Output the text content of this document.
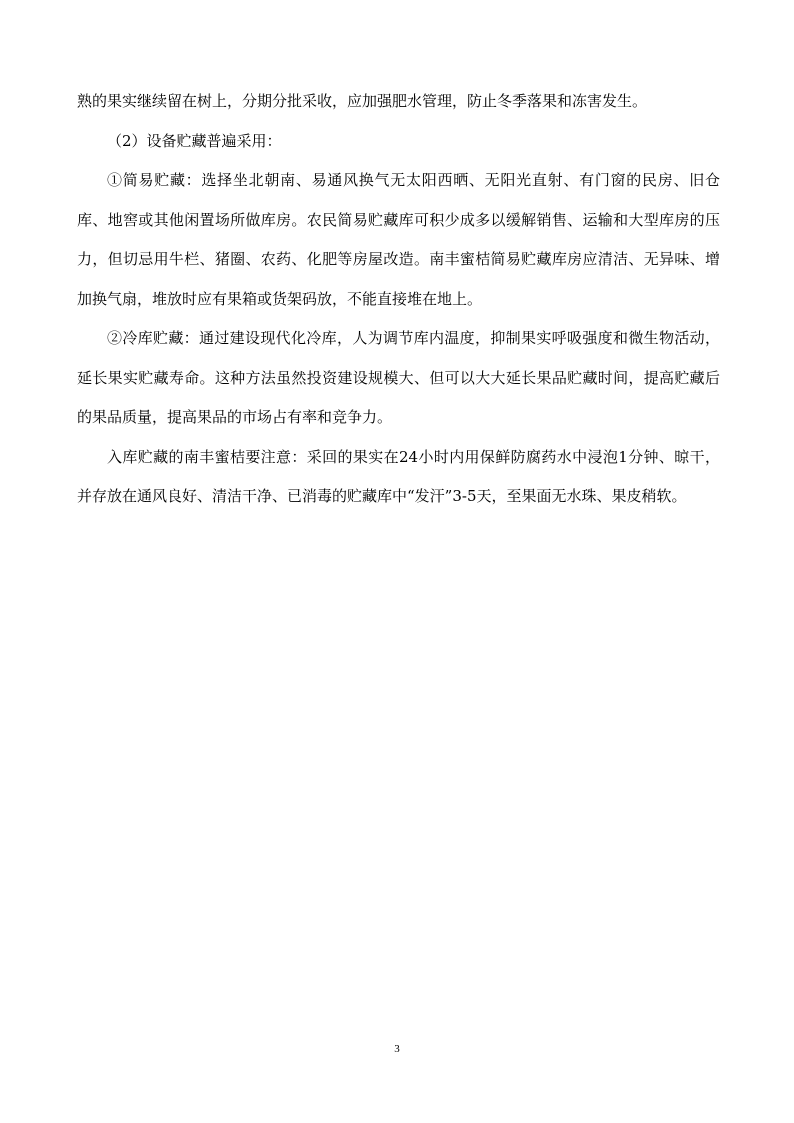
熟的果实继续留在树上，分期分批采收，应加强肥水管理，防止冬季落果和冻害发生。

（2）设备贮藏普遍采用：

①简易贮藏：选择坐北朝南、易通风换气无太阳西晒、无阳光直射、有门窗的民房、旧仓库、地窖或其他闲置场所做库房。农民简易贮藏库可积少成多以缓解销售、运输和大型库房的压力，但切忌用牛栏、猪圈、农药、化肥等房屋改造。南丰蜜桔简易贮藏库房应清洁、无异味、增加换气扇，堆放时应有果箱或货架码放，不能直接堆在地上。

②冷库贮藏：通过建设现代化冷库，人为调节库内温度，抑制果实呼吸强度和微生物活动，延长果实贮藏寿命。这种方法虽然投资建设规模大、但可以大大延长果品贮藏时间，提高贮藏后的果品质量，提高果品的市场占有率和竞争力。

入库贮藏的南丰蜜桔要注意：采回的果实在24小时内用保鲜防腐药水中浸泡1分钟、晾干，并存放在通风良好、清洁干净、已消毒的贮藏库中“发汗”3-5天，至果面无水珠、果皮稍软。

3
